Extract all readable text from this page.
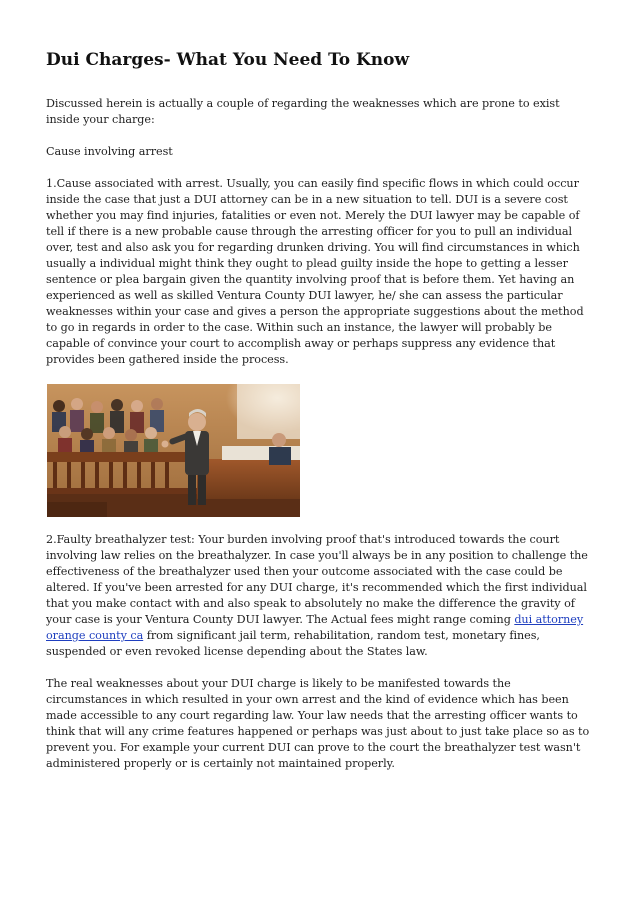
Dui Charges- What You Need To Know

Discussed herein is actually a couple of regarding the weaknesses which are prone to exist inside your charge:

Cause involving arrest

1.Cause associated with arrest. Usually, you can easily find specific flows in which could occur inside the case that just a DUI attorney can be in a new situation to tell. DUI is a severe cost whether you may find injuries, fatalities or even not. Merely the DUI lawyer may be capable of tell if there is a new probable cause through the arresting officer for you to pull an individual over, test and also ask you for regarding drunken driving. You will find circumstances in which usually a individual might think they ought to plead guilty inside the hope to getting a lesser sentence or plea bargain given the quantity involving proof that is before them. Yet having an experienced as well as skilled Ventura County DUI lawyer, he/ she can assess the particular weaknesses within your case and gives a person the appropriate suggestions about the method to go in regards in order to the case. Within such an instance, the lawyer will probably be capable of convince your court to accomplish away or perhaps suppress any evidence that provides been gathered inside the process.

2.Faulty breathalyzer test: Your burden involving proof that's introduced towards the court involving law relies on the breathalyzer. In case you'll always be in any position to challenge the effectiveness of the breathalyzer used then your outcome associated with the case could be altered. If you've been arrested for any DUI charge, it's recommended which the first individual that you make contact with and also speak to absolutely no make the difference the gravity of your case is your Ventura County DUI lawyer. The Actual fees might range coming dui attorney orange county ca from significant jail term, rehabilitation, random test, monetary fines, suspended or even revoked license depending about the States law.

The real weaknesses about your DUI charge is likely to be manifested towards the circumstances in which resulted in your own arrest and the kind of evidence which has been made accessible to any court regarding law. Your law needs that the arresting officer wants to think that will any crime features happened or perhaps was just about to just take place so as to prevent you. For example your current DUI can prove to the court the breathalyzer test wasn't administered properly or is certainly not maintained properly.
